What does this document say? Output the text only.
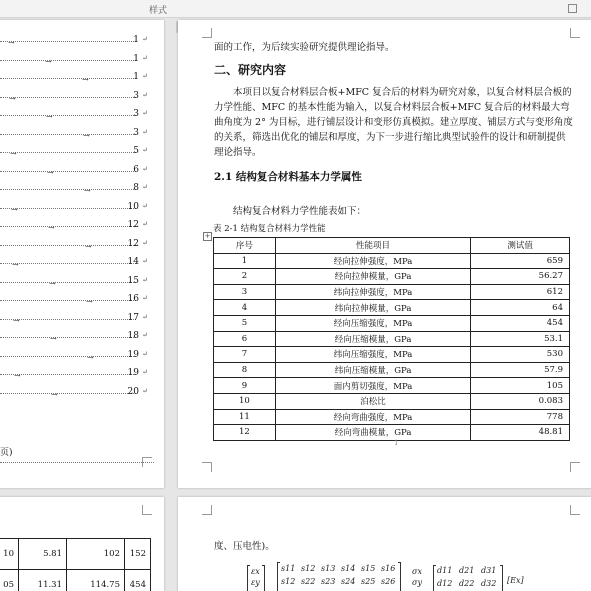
样式
→	1 ↵
→	1 ↵
→	1 ↵
→	3 ↵
→	3 ↵
→	3 ↵
→	5 ↵
→	6 ↵
→	8 ↵
→	10 ↵
→	12 ↵
→	12 ↵
→	14 ↵
→	15 ↵
→	16 ↵
→	17 ↵
→	18 ↵
→	19 ↵
→	19 ↵
→	20 ↵
页)
面的工作，为后续实验研究提供理论指导。
二、研究内容
本项目以复合材料层合板+MFC 复合后的材料为研究对象，以复合材料层合板的
力学性能、MFC 的基本性能为输入，以复合材料层合板+MFC 复合后的材料最大弯
曲角度为 2° 为目标，进行铺层设计和变形仿真模拟。建立厚度、铺层方式与变形角度
的关系，筛选出优化的铺层和厚度，为下一步进行缩比典型试验件的设计和研制提供
理论指导。
2.1 结构复合材料基本力学属性
结构复合材料力学性能表如下：
表 2-1 结构复合材料力学性能
+
序号	性能项目	测试值
1	经向拉伸强度，MPa	659
2	经向拉伸模量，GPa	56.27
3	纬向拉伸强度，MPa	612
4	纬向拉伸模量，GPa	64
5	经向压缩强度，MPa	454
6	经向压缩模量，GPa	53.1
7	纬向压缩强度，MPa	530
8	纬向压缩模量，GPa	57.9
9	面内剪切强度，MPa	105
10	泊松比	0.083
11	经向弯曲强度，MPa	778
12	经向弯曲模量，GPa	48.81
1
10	5.81	102	152
05	11.31	114.75	454
度、压电性)。
εx
εy
s11 s12 s13 s14 s15 s16
s12 s22 s23 s24 s25 s26
σx
σy
d11 d21 d31
d12 d22 d32 [Ex]
